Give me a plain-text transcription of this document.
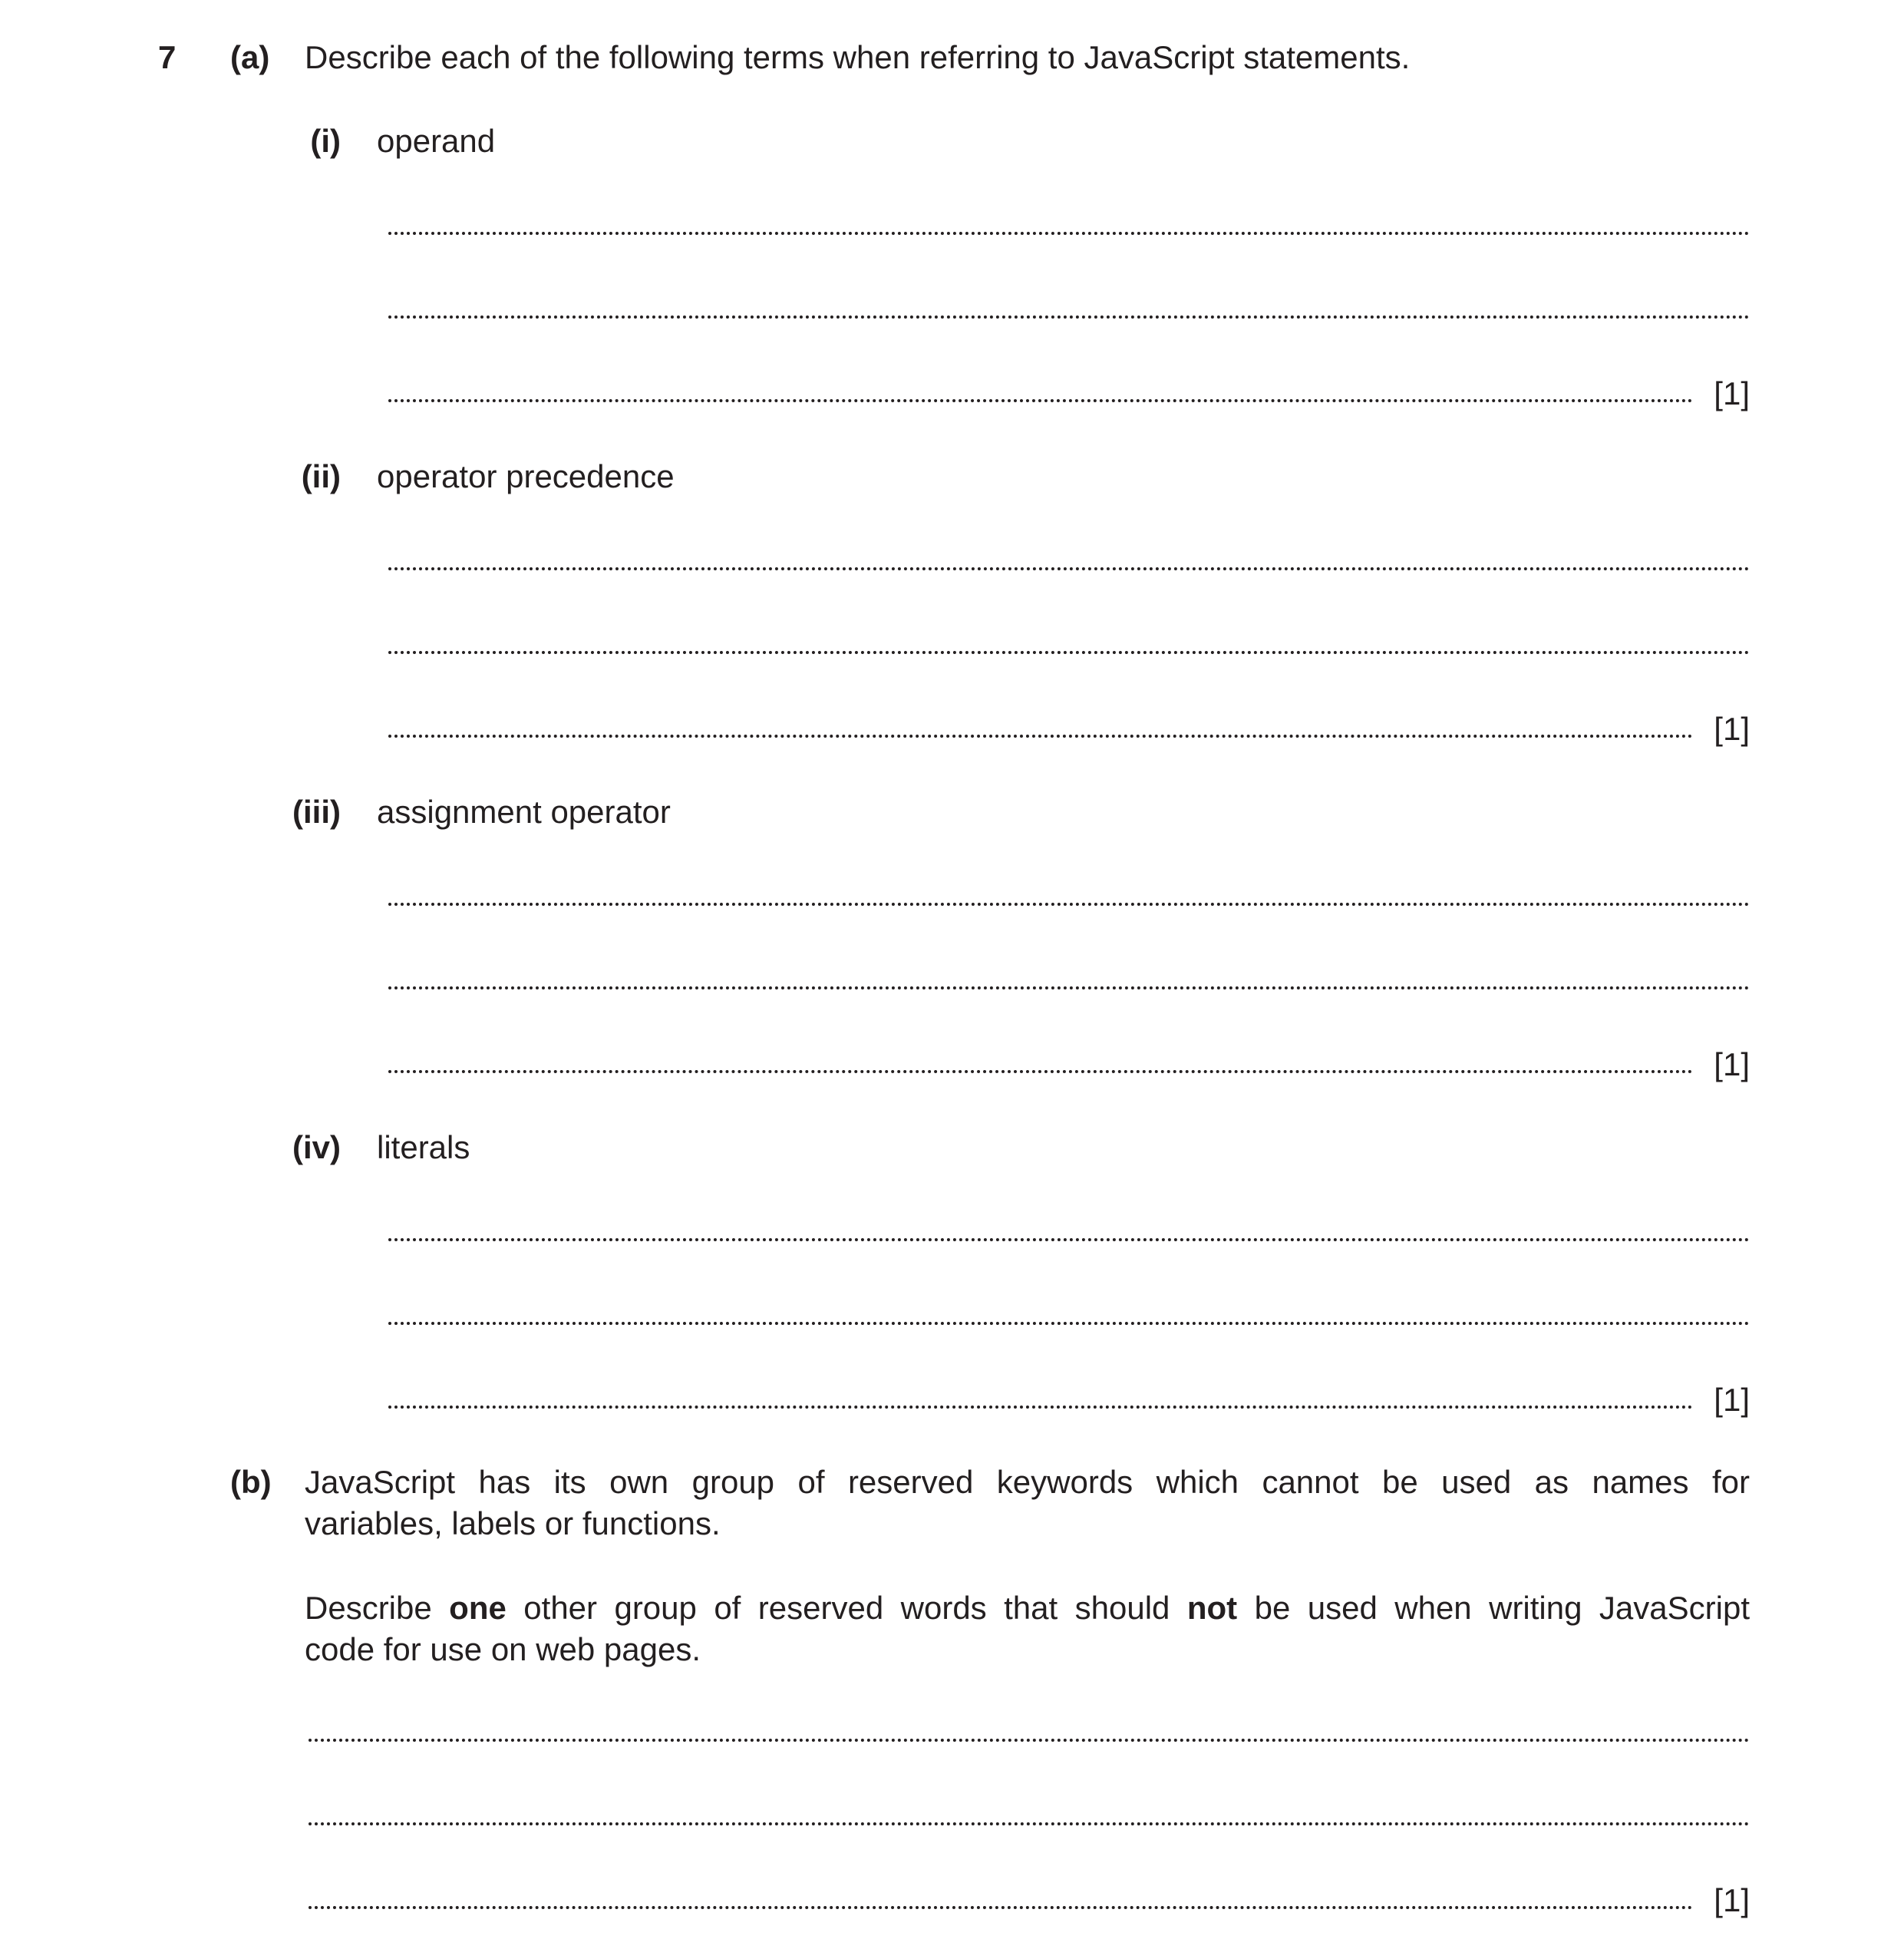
7 (a) Describe each of the following terms when referring to JavaScript statements.
(i) operand
[1]
(ii) operator precedence
[1]
(iii) assignment operator
[1]
(iv) literals
[1]
(b) JavaScript has its own group of reserved keywords which cannot be used as names for
variables, labels or functions.
Describe one other group of reserved words that should not be used when writing JavaScript
code for use on web pages.
[1]
